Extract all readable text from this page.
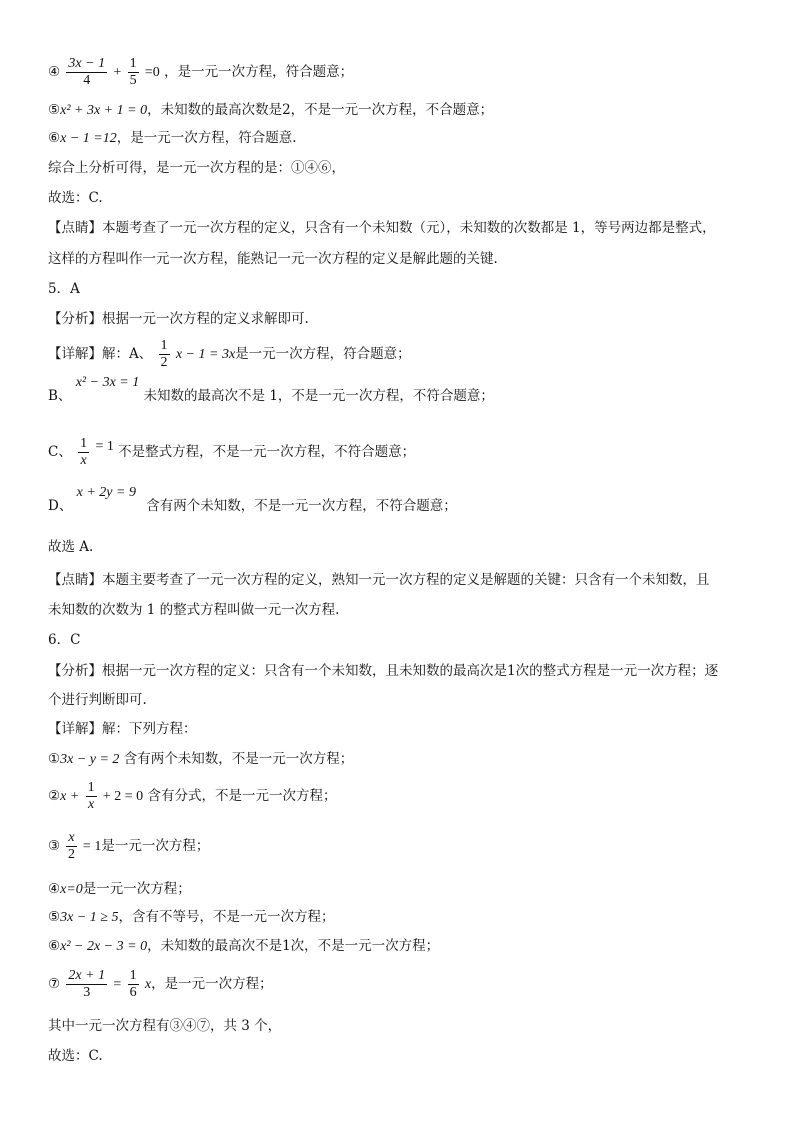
④ $\frac{3x - 1}{4} + \frac{1}{5} =0$ ，是一元一次方程，符合题意；
⑤x² + 3x + 1 = 0，未知数的最高次数是2，不是一元一次方程，不合题意；
⑥x − 1 =12，是一元一次方程，符合题意.
综合上分析可得，是一元一次方程的是：①④⑥，
故选：C.
【点睛】本题考查了一元一次方程的定义，只含有一个未知数（元），未知数的次数都是 1，等号两边都是整式，
这样的方程叫作一元一次方程，能熟记一元一次方程的定义是解此题的关键.
5．A
【分析】根据一元一次方程的定义求解即可.
【详解】解：A、 $\frac{1}{2}$ x − 1 = 3x是一元一次方程，符合题意；
B、 x² − 3x = 1 未知数的最高次不是 1，不是一元一次方程，不符合题意；
C、 $\frac{1}{x} = 1$ 不是整式方程，不是一元一次方程，不符合题意；
D、 x + 2y = 9 含有两个未知数，不是一元一次方程，不符合题意；
故选 A.
【点睛】本题主要考查了一元一次方程的定义，熟知一元一次方程的定义是解题的关键：只含有一个未知数，且
未知数的次数为 1 的整式方程叫做一元一次方程.
6．C
【分析】根据一元一次方程的定义：只含有一个未知数，且未知数的最高次是1次的整式方程是一元一次方程；逐
个进行判断即可.
【详解】解：下列方程：
①3x − y = 2 含有两个未知数，不是一元一次方程；
②x + $\frac{1}{x} + 2 = 0$ 含有分式，不是一元一次方程；
③ $\frac{x}{2} = 1$是一元一次方程；
④x=0是一元一次方程；
⑤3x − 1 ≥ 5，含有不等号，不是一元一次方程；
⑥x² − 2x − 3 = 0，未知数的最高次不是1次，不是一元一次方程；
⑦ $\frac{2x + 1}{3} = \frac{1}{6}$ x，是一元一次方程；
其中一元一次方程有③④⑦，共 3 个，
故选：C.
